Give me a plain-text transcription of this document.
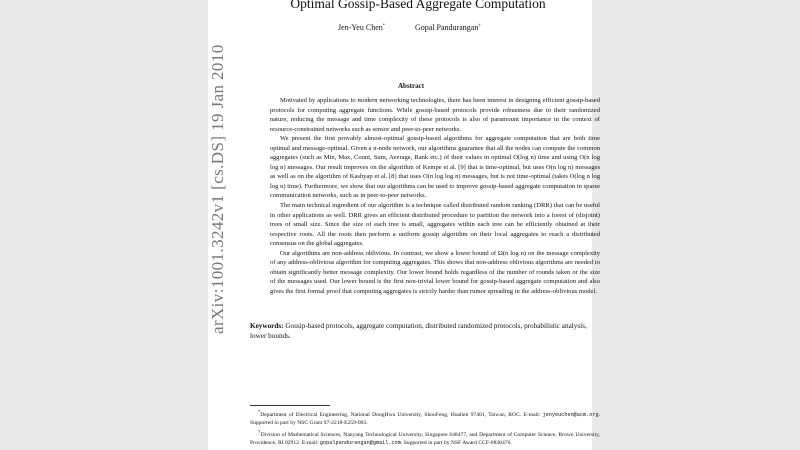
arXiv:1001.3242v1 [cs.DS] 19 Jan 2010
Optimal Gossip-Based Aggregate Computation
Jen-Yeu Chen*	Gopal Pandurangan†
Abstract

Motivated by applications to modern networking technologies, there has been interest in designing efficient gossip-based protocols for computing aggregate functions. While gossip-based protocols provide robustness due to their randomized nature, reducing the message and time complexity of these protocols is also of paramount importance in the context of resource-constrained networks such as sensor and peer-to-peer networks.

We present the first provably almost-optimal gossip-based algorithms for aggregate computation that are both time optimal and message-optimal. Given a n-node network, our algorithms guarantee that all the nodes can compute the common aggregates (such as Min, Max, Count, Sum, Average, Rank etc.) of their values in optimal O(log n) time and using O(n log log n) messages. Our result improves on the algorithm of Kempe et al. [9] that is time-optimal, but uses O(n log n) messages as well as on the algorithm of Kashyap et al. [8] that uses O(n log log n) messages, but is not time-optimal (takes O(log n log log n) time). Furthermore, we show that our algorithms can be used to improve gossip-based aggregate computation in sparse communication networks, such as in peer-to-peer networks.

The main technical ingredient of our algorithm is a technique called distributed random ranking (DRR) that can be useful in other applications as well. DRR gives an efficient distributed procedure to partition the network into a forest of (disjoint) trees of small size. Since the size of each tree is small, aggregates within each tree can be efficiently obtained at their respective roots. All the roots then perform a uniform gossip algorithm on their local aggregates to reach a distributed consensus on the global aggregates.

Our algorithms are non-address oblivious. In contrast, we show a lower bound of Ω(n log n) on the message complexity of any address-oblivious algorithm for computing aggregates. This shows that non-address oblivious algorithms are needed to obtain significantly better message complexity. Our lower bound holds regardless of the number of rounds taken or the size of the messages used. Our lower bound is the first non-trivial lower bound for gossip-based aggregate computation and also gives the first formal proof that computing aggregates is strictly harder than rumor spreading in the address-oblivious model.

Keywords: Gossip-based protocols, aggregate computation, distributed randomized protocols, probabilistic analysis, lower bounds.

*Department of Electrical Engineering, National DongHwa University, ShouFeng, Hualien 97401, Taiwan, ROC. E-mail: jenyeuchen@acm.org. Supported in part by NSC Grant 97-2218-E259-003.

†Division of Mathematical Sciences, Nanyang Technological University, Singapore 648477, and Department of Computer Science, Brown University, Providence, RI 02912. E-mail: gopalpandurangan@gmail.com. Supported in part by NSF Award CCF-0830476.
